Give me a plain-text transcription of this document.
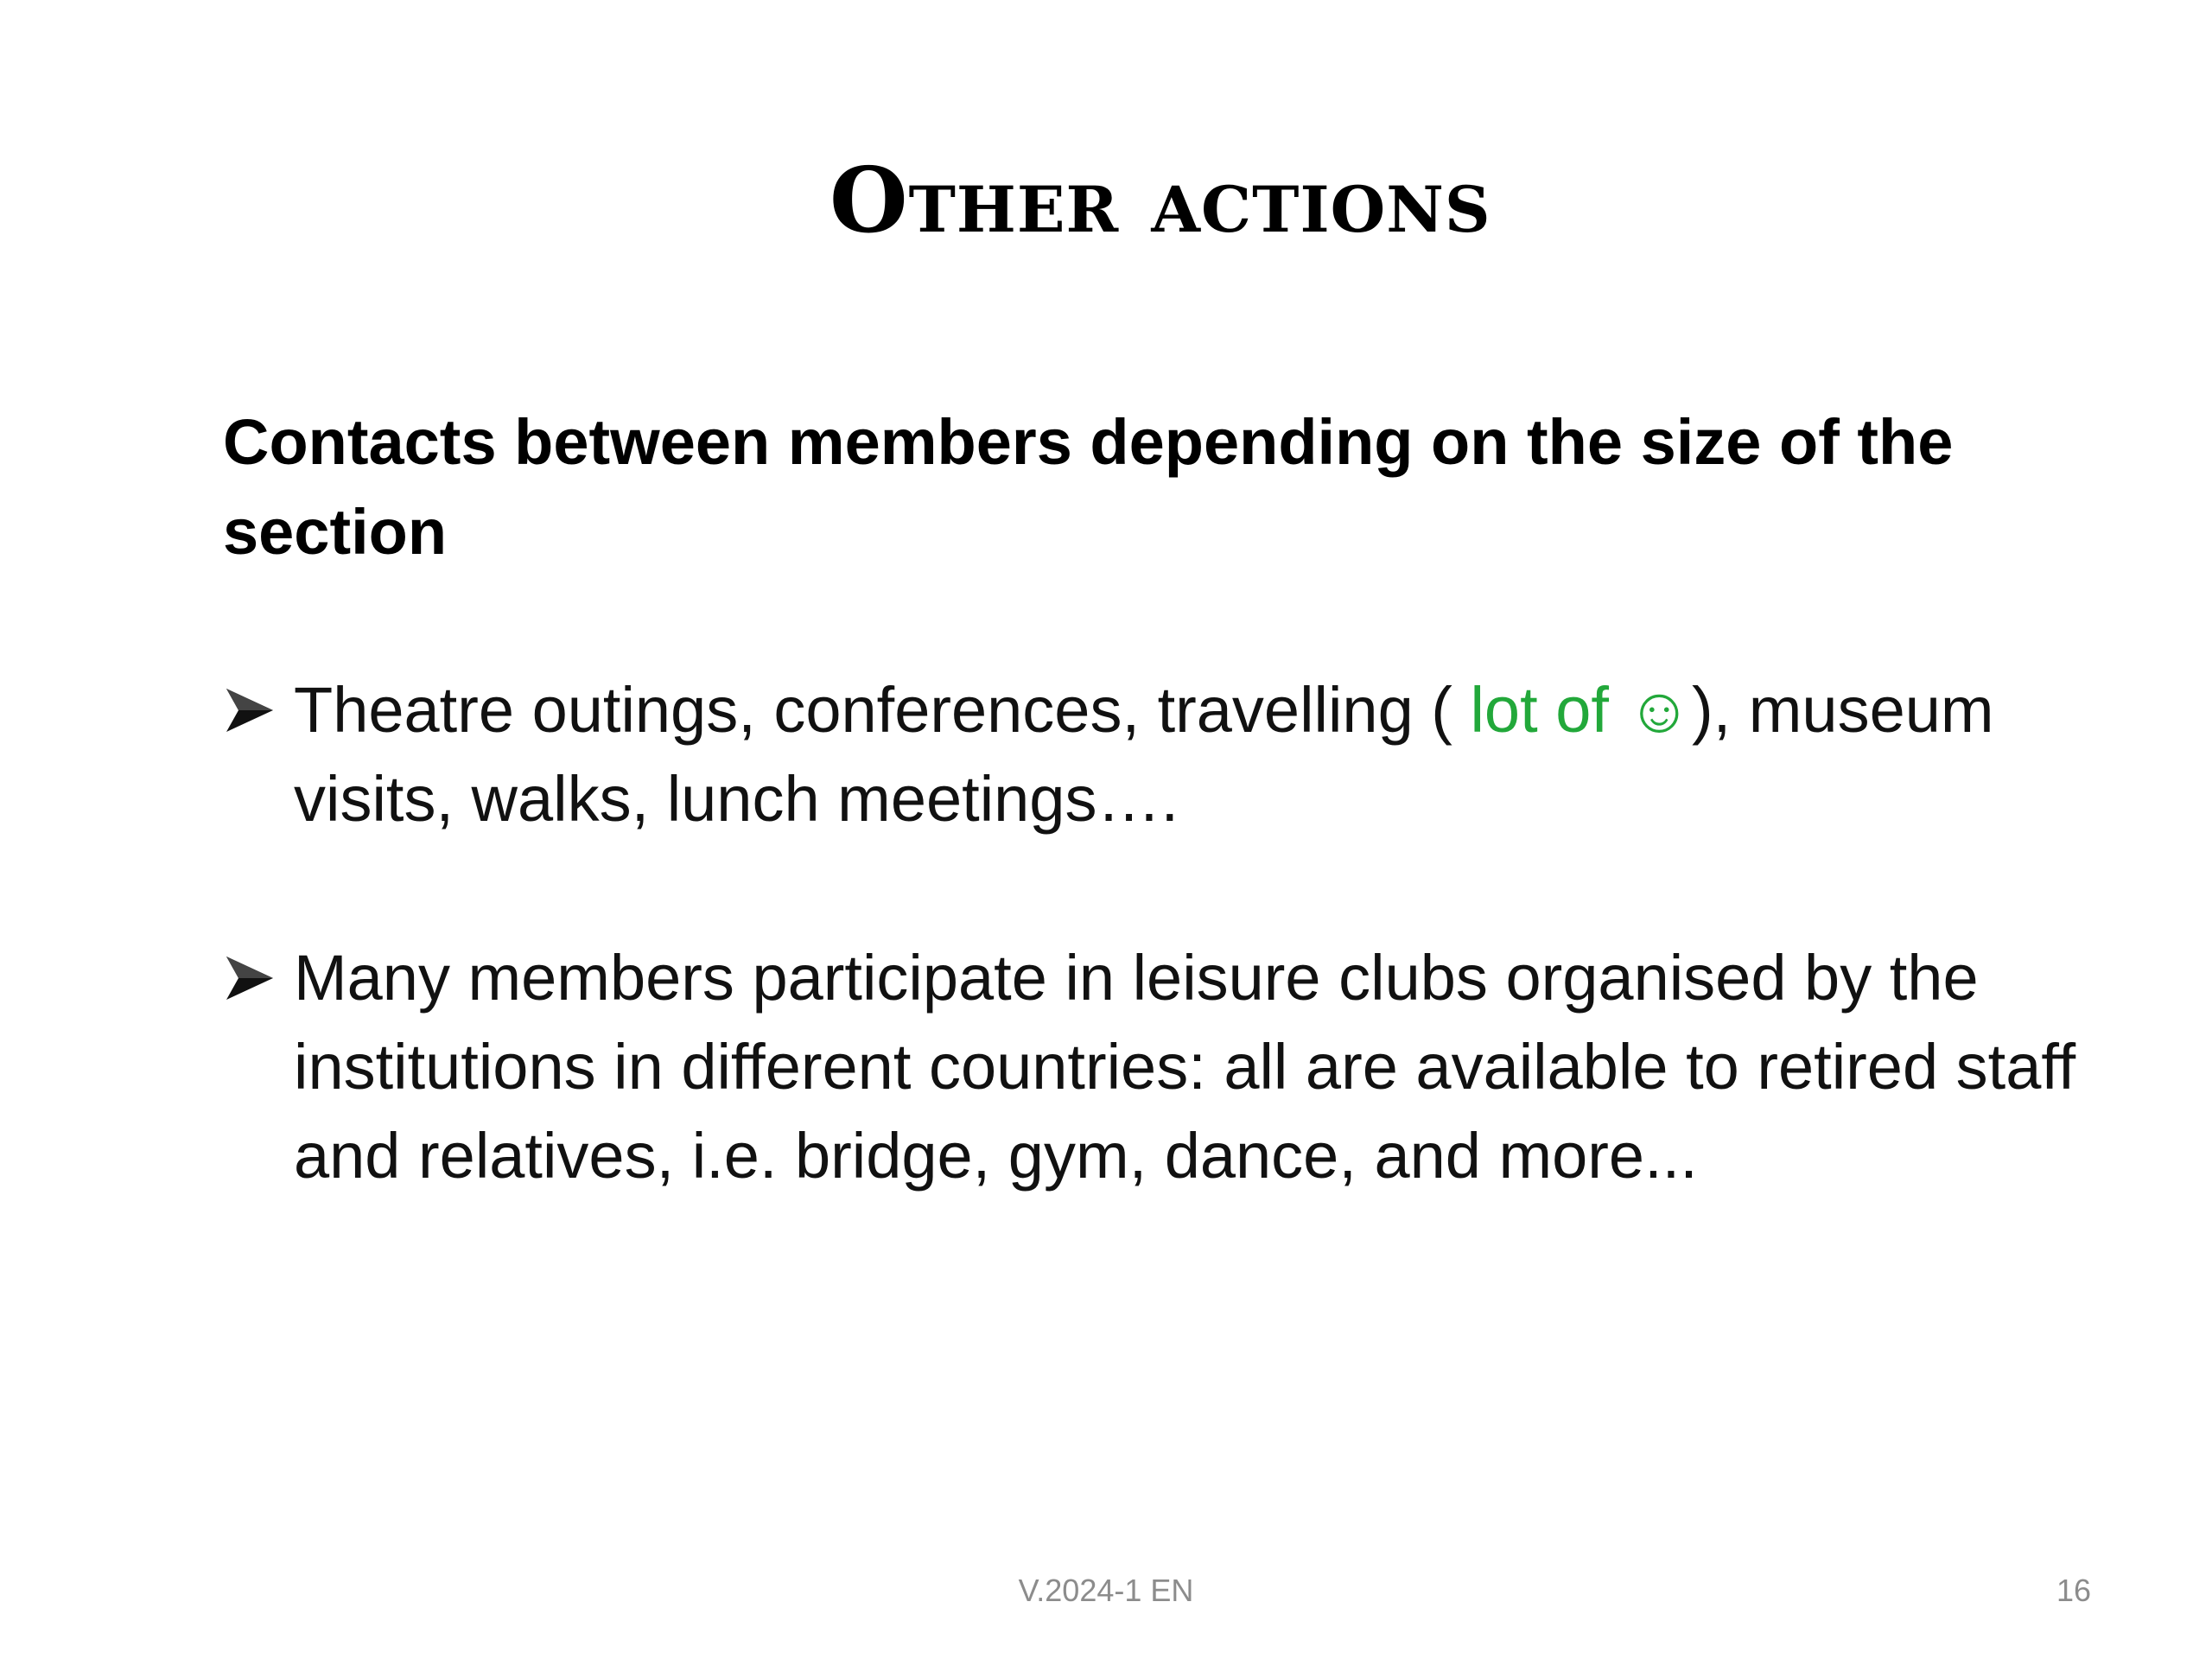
Other actions
Contacts between members depending on the size of the section
Theatre outings, conferences, travelling ( lot of ☺), museum visits, walks, lunch meetings….
Many members participate in leisure clubs organised by the institutions in different countries: all are available to retired staff and relatives, i.e. bridge, gym, dance, and more...
V.2024-1 EN	16
